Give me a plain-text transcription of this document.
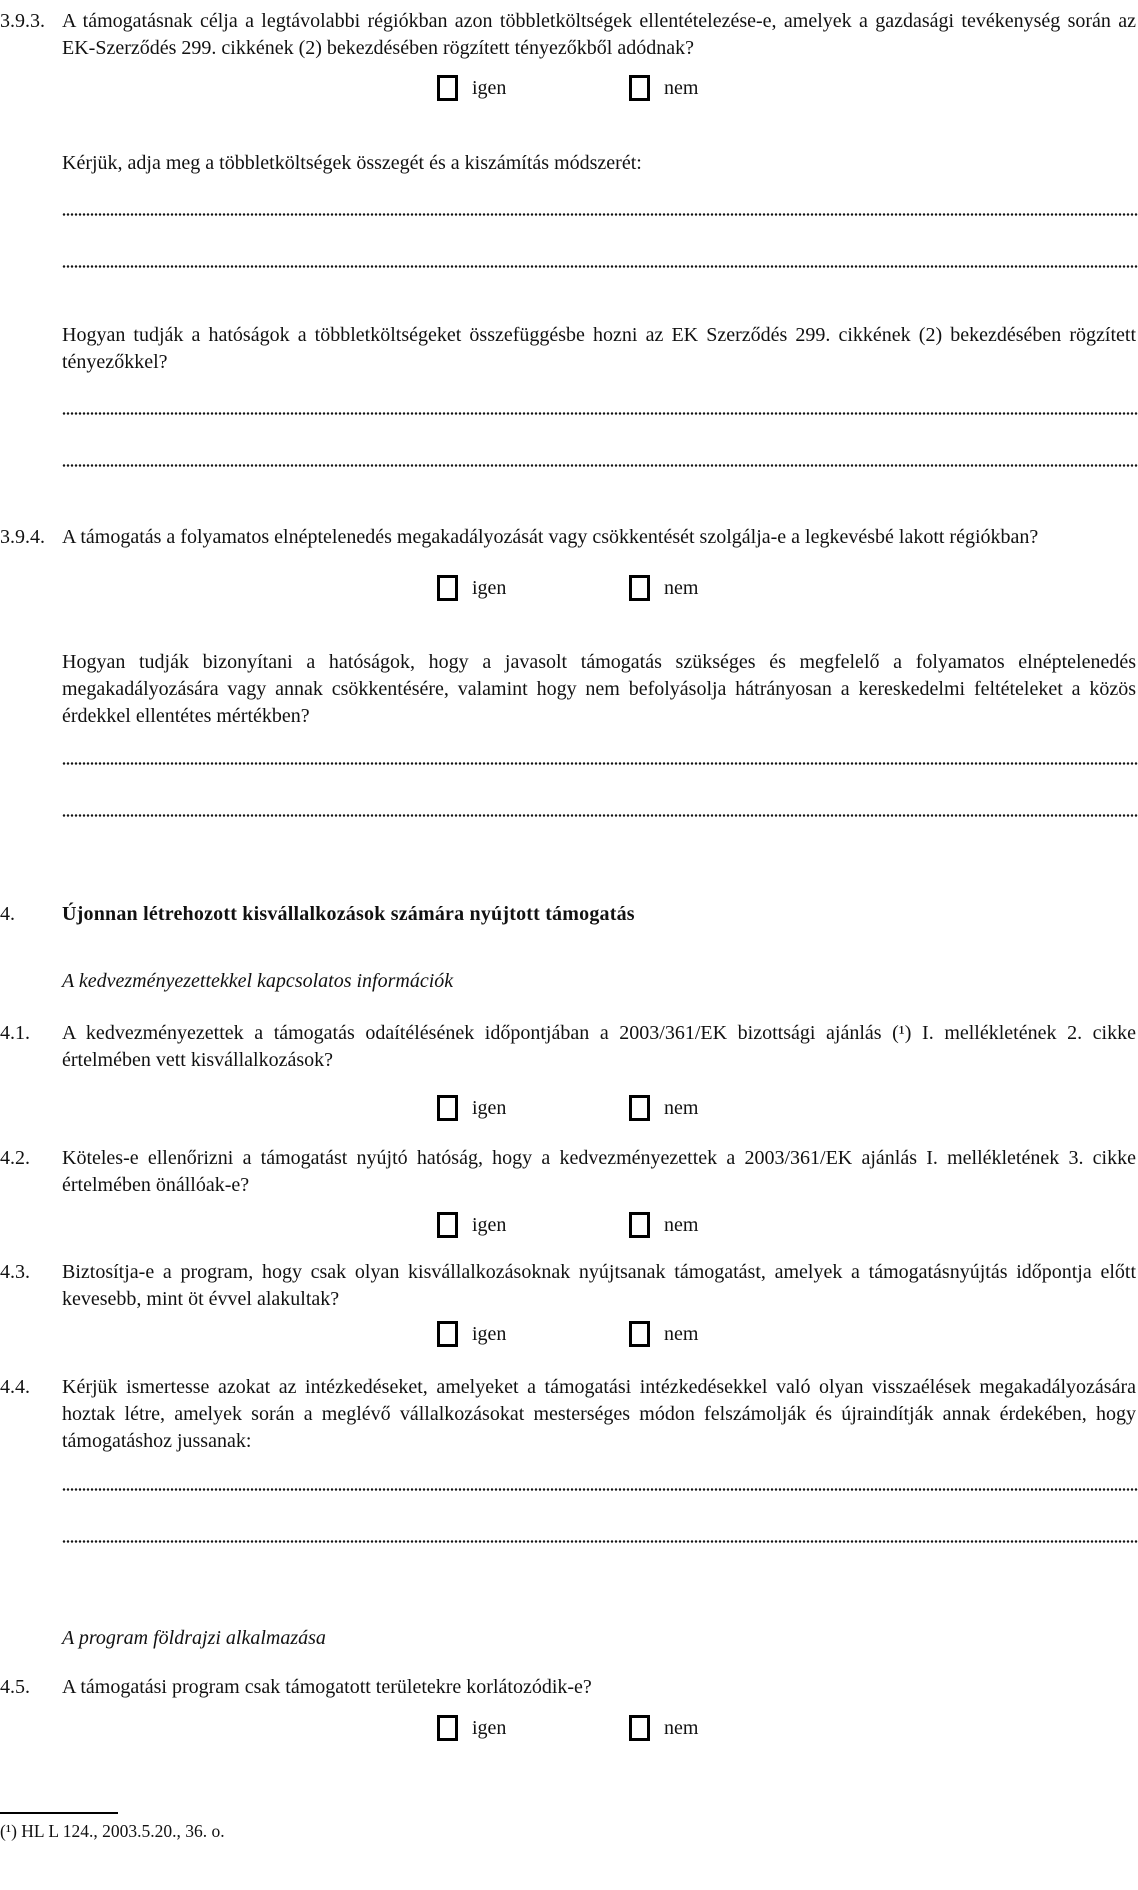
3.9.3. A támogatásnak célja a legtávolabbi régiókban azon többletköltségek ellentételezése-e, amelyek a gazdasági tevékenység során az EK-Szerződés 299. cikkének (2) bekezdésében rögzített tényezőkből adódnak?
igen	nem
Kérjük, adja meg a többletköltségek összegét és a kiszámítás módszerét:
Hogyan tudják a hatóságok a többletköltségeket összefüggésbe hozni az EK Szerződés 299. cikkének (2) bekezdésében rögzített tényezőkkel?
3.9.4. A támogatás a folyamatos elnéptelenedés megakadályozását vagy csökkentését szolgálja-e a legkevésbé lakott régiókban?
igen	nem
Hogyan tudják bizonyítani a hatóságok, hogy a javasolt támogatás szükséges és megfelelő a folyamatos elnéptelenedés megakadályozására vagy annak csökkentésére, valamint hogy nem befolyásolja hátrányosan a kereskedelmi feltételeket a közös érdekkel ellentétes mértékben?
4.	Újonnan létrehozott kisvállalkozások számára nyújtott támogatás
A kedvezményezettekkel kapcsolatos információk
4.1.	A kedvezményezettek a támogatás odaítélésének időpontjában a 2003/361/EK bizottsági ajánlás (¹) I. mellékletének 2. cikke értelmében vett kisvállalkozások?
igen	nem
4.2.	Köteles-e ellenőrizni a támogatást nyújtó hatóság, hogy a kedvezményezettek a 2003/361/EK ajánlás I. mellékletének 3. cikke értelmében önállóak-e?
igen	nem
4.3.	Biztosítja-e a program, hogy csak olyan kisvállalkozásoknak nyújtsanak támogatást, amelyek a támogatásnyújtás időpontja előtt kevesebb, mint öt évvel alakultak?
igen	nem
4.4.	Kérjük ismertesse azokat az intézkedéseket, amelyeket a támogatási intézkedésekkel való olyan visszaélések megakadályozására hoztak létre, amelyek során a meglévő vállalkozásokat mesterséges módon felszámolják és újraindítják annak érdekében, hogy támogatáshoz jussanak:
A program földrajzi alkalmazása
4.5.	A támogatási program csak támogatott területekre korlátozódik-e?
igen	nem
(¹) HL L 124., 2003.5.20., 36. o.
